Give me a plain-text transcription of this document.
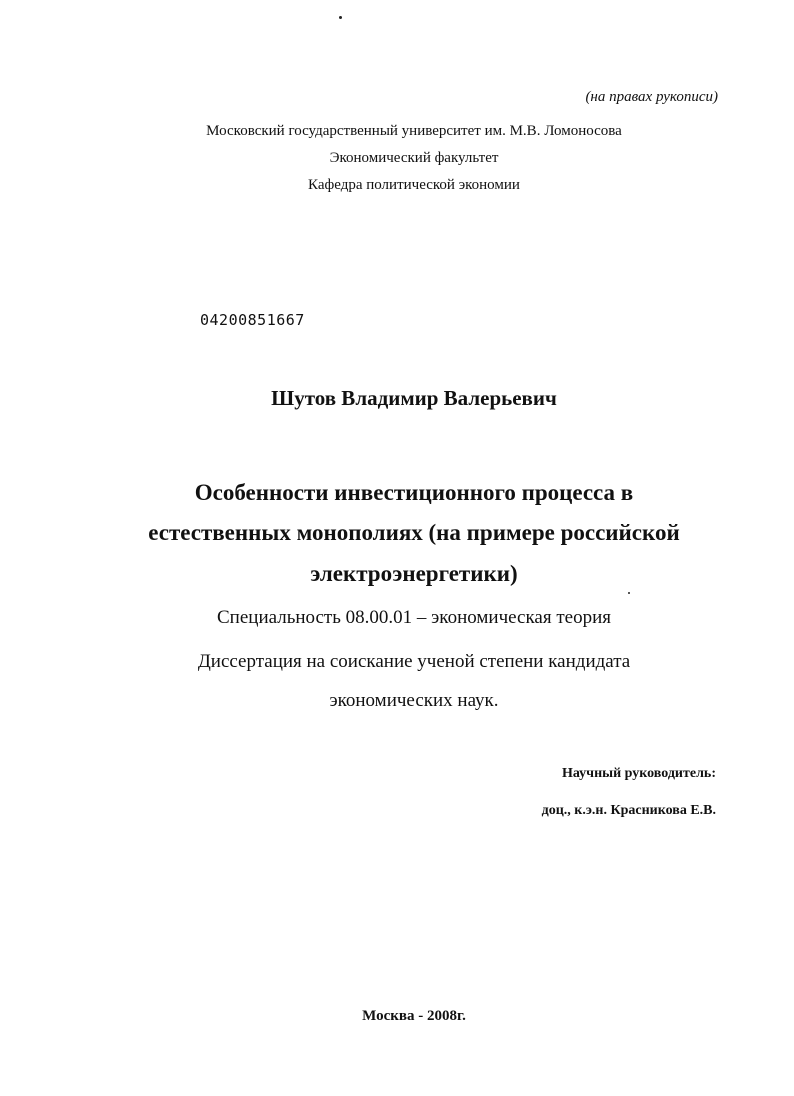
(на правах рукописи)
Московский государственный университет им. М.В. Ломоносова
Экономический факультет
Кафедра политической экономии
04200851667
Шутов Владимир Валерьевич
Особенности инвестиционного процесса в
естественных монополиях (на примере российской
электроэнергетики)
Специальность 08.00.01 – экономическая теория
Диссертация на соискание ученой степени кандидата
экономических наук.
Научный руководитель:
доц., к.э.н. Красникова Е.В.
Москва - 2008г.
